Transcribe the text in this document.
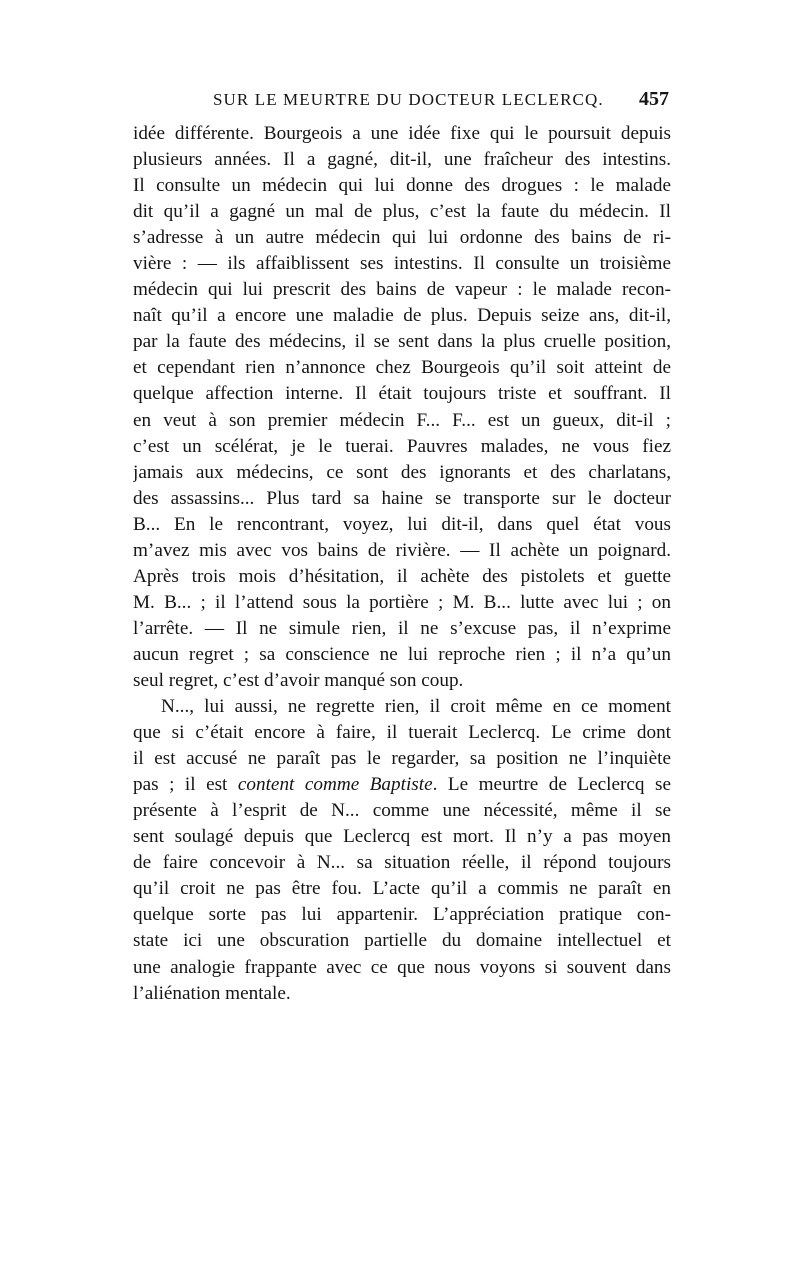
SUR LE MEURTRE DU DOCTEUR LECLERCQ. 457
idée différente. Bourgeois a une idée fixe qui le poursuit depuis
plusieurs années. Il a gagné, dit-il, une fraîcheur des intestins.
Il consulte un médecin qui lui donne des drogues : le malade
dit qu’il a gagné un mal de plus, c’est la faute du médecin. Il
s’adresse à un autre médecin qui lui ordonne des bains de ri-
vière : — ils affaiblissent ses intestins. Il consulte un troisième
médecin qui lui prescrit des bains de vapeur : le malade recon-
naît qu’il a encore une maladie de plus. Depuis seize ans, dit-il,
par la faute des médecins, il se sent dans la plus cruelle position,
et cependant rien n’annonce chez Bourgeois qu’il soit atteint de
quelque affection interne. Il était toujours triste et souffrant. Il
en veut à son premier médecin F... F... est un gueux, dit-il ;
c’est un scélérat, je le tuerai. Pauvres malades, ne vous fiez
jamais aux médecins, ce sont des ignorants et des charlatans,
des assassins... Plus tard sa haine se transporte sur le docteur
B... En le rencontrant, voyez, lui dit-il, dans quel état vous
m’avez mis avec vos bains de rivière. — Il achète un poignard.
Après trois mois d’hésitation, il achète des pistolets et guette
M. B... ; il l’attend sous la portière ; M. B... lutte avec lui ; on
l’arrête. — Il ne simule rien, il ne s’excuse pas, il n’exprime
aucun regret ; sa conscience ne lui reproche rien ; il n’a qu’un
seul regret, c’est d’avoir manqué son coup.
N..., lui aussi, ne regrette rien, il croit même en ce moment
que si c’était encore à faire, il tuerait Leclercq. Le crime dont
il est accusé ne paraît pas le regarder, sa position ne l’inquiète
pas ; il est content comme Baptiste. Le meurtre de Leclercq se
présente à l’esprit de N... comme une nécessité, même il se
sent soulagé depuis que Leclercq est mort. Il n’y a pas moyen
de faire concevoir à N... sa situation réelle, il répond toujours
qu’il croit ne pas être fou. L’acte qu’il a commis ne paraît en
quelque sorte pas lui appartenir. L’appréciation pratique con-
state ici une obscuration partielle du domaine intellectuel et
une analogie frappante avec ce que nous voyons si souvent dans
l’aliénation mentale.
